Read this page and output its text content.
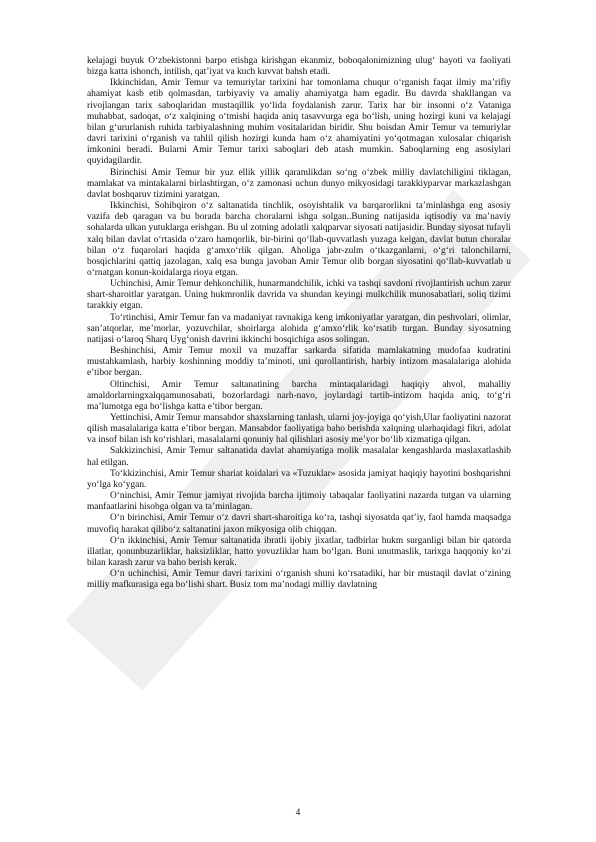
kelajagi buyuk O‘zbekistonni barpo etishga kirishgan ekanmiz, boboqalonimizning ulug‘ hayoti va faoliyati bizga katta ishonch, intilish, qat’iyat va kuch kuvvat bahsh etadi.

Ikkinchidan, Amir Temur va temuriylar tarixini har tomonlama chuqur o‘rganish faqat ilmiy ma’rifiy ahamiyat kasb etib qolmasdan, tarbiyaviy va amaliy ahamiyatga ham egadir. Bu davrda shakllangan va rivojlangan tarix saboqlaridan mustaqillik yo‘lida foydalanish zarur. Tarix har bir insonni o‘z Vataniga muhabbat, sadoqat, o‘z xalqining o‘tmishi haqida aniq tasavvurga ega bo‘lish, uning hozirgi kuni va kelajagi bilan g‘ururlanish ruhida tarbiyalashning muhim vositalaridan biridir. Shu boisdan Amir Temur va temuriylar davri tarixini o‘rganish va tahlil qilish hozirgi kunda ham o‘z ahamiyatini yo‘qotmagan xulosalar chiqarish imkonini beradi. Bularni Amir Temur tarixi saboqlari deb atash mumkin. Saboqlarning eng asosiylari quyidagilardir.

Birinchisi Amir Temur bir yuz ellik yillik qaramlikdan so‘ng o‘zbek milliy davlatchiligini tiklagan, mamlakat va mintakalarni birlashtirgan, o‘z zamonasi uchun dunyo mikyosidagi tarakkiyparvar markazlashgan davlat boshqaruv tizimini yaratgan.

Ikkinchisi, Sohibqiron o‘z saltanatida tinchlik, osoyishtalik va barqarorlikni ta’minlashga eng asosiy vazifa deb qaragan va bu borada barcha choralarni ishga solgan..Buning natijasida iqtisodiy va ma’naviy sohalarda ulkan yutuklarga erishgan. Bu ul zotning adolatli xalqparvar siyosati natijasidir. Bunday siyosat tufayli xalq bilan davlat o‘rtasida o‘zaro hamqorlik, bir-birini qo‘llab-quvvatlash yuzaga kelgan, davlat butun choralar bilan o‘z fuqarolari haqida g‘amxo‘rlik qilgan. Aholiga jabr-zulm o‘tkazganlarni, o‘g‘ri talonchilarni, bosqichlarini qattiq jazolagan, xalq esa bunga javoban Amir Temur olib borgan siyosatini qo‘llab-kuvvatlab u o‘rnatgan konun-koidalarga rioya etgan.

Uchinchisi, Amir Temur dehkonchilik, hunarmandchilik, ichki va tashqi savdoni rivojlantirish uchun zarur shart-sharoitlar yaratgan. Uning hukmronlik davrida va shundan keyingi mulkchilik munosabatlari, soliq tizimi tarakkiy etgan.

To‘rtinchisi, Amir Temur fan va madaniyat ravnakiga keng imkoniyatlar yaratgan, din peshvolari, olimlar, san’atqorlar, me’morlar, yozuvchilar, shoirlarga alohida g‘amxo‘rlik ko‘rsatib turgan. Bunday siyosatning natijasi o‘laroq Sharq Uyg‘onish davrini ikkinchi bosqichiga asos solingan.

Beshinchisi, Amir Temur moxil va muzaffar sarkarda sifatida mamlakatning mudofaa kudratini mustahkamlash, harbiy koshinning moddiy ta’minoti, uni qurollantirish, harbiy intizom masalalariga alohida e’tibor bergan.

Oltinchisi, Amir Temur saltanatining barcha mintaqalaridagi haqiqiy ahvol, mahalliy amaldorlarningxalqqamunosabati, bozorlardagi narh-navo, joylardagi tartib-intizom haqida aniq, to‘g‘ri ma’lumotga ega bo‘lishga katta e’tibor bergan.

Yettinchisi, Amir Temur mansabdor shaxslarning tanlash, ularni joy-joyiga qo‘yish,Ular faoliyatini nazorat qilish masalalariga katta e’tibor bergan. Mansabdor faoliyatiga baho berishda xalqning ularhaqidagi fikri, adolat va insof bilan ish ko‘rishlari, masalalarni qonuniy hal qilishlari asosiy me’yor bo‘lib xizmatiga qilgan.

Sakkizinchisi, Amir Temur saltanatida davlat ahamiyatiga molik masalalar kengashlarda maslaxatlashib hal etilgan.

To‘kkizinchisi, Amir Temur shariat koidalari va «Tuzuklar» asosida jamiyat haqiqiy hayotini boshqarishni yo‘lga ko‘ygan.

O‘ninchisi, Amir Temur jamiyat rivojida barcha ijtimoiy tabaqalar faoliyatini nazarda tutgan va ularning manfaatlarini hisobga olgan va ta’minlagan.

O‘n birinchisi, Amir Temur o‘z davri shart-sharoitiga ko‘ra, tashqi siyosatda qat’iy, faol hamda maqsadga muvofiq harakat qilibo‘z saltanatini jaxon mikyosiga olib chiqqan.

O‘n ikkinchisi, Amir Temur saltanatida ibratli ijobiy jixatlar, tadbirlar hukm surganligi bilan bir qatorda illatlar, qonunbuzarliklar, haksizliklar, hatto yovuzliklar ham bo‘lgan. Buni unutmaslik, tarixga haqqoniy ko‘zi bilan karash zarur va baho berish kerak.

O‘n uchinchisi, Amir Temur davri tarixini o‘rganish shuni ko‘rsatadiki, har bir mustaqil davlat o‘zining milliy mafkurasiga ega bo‘lishi shart. Busiz tom ma’nodagi milliy davlatning

4
